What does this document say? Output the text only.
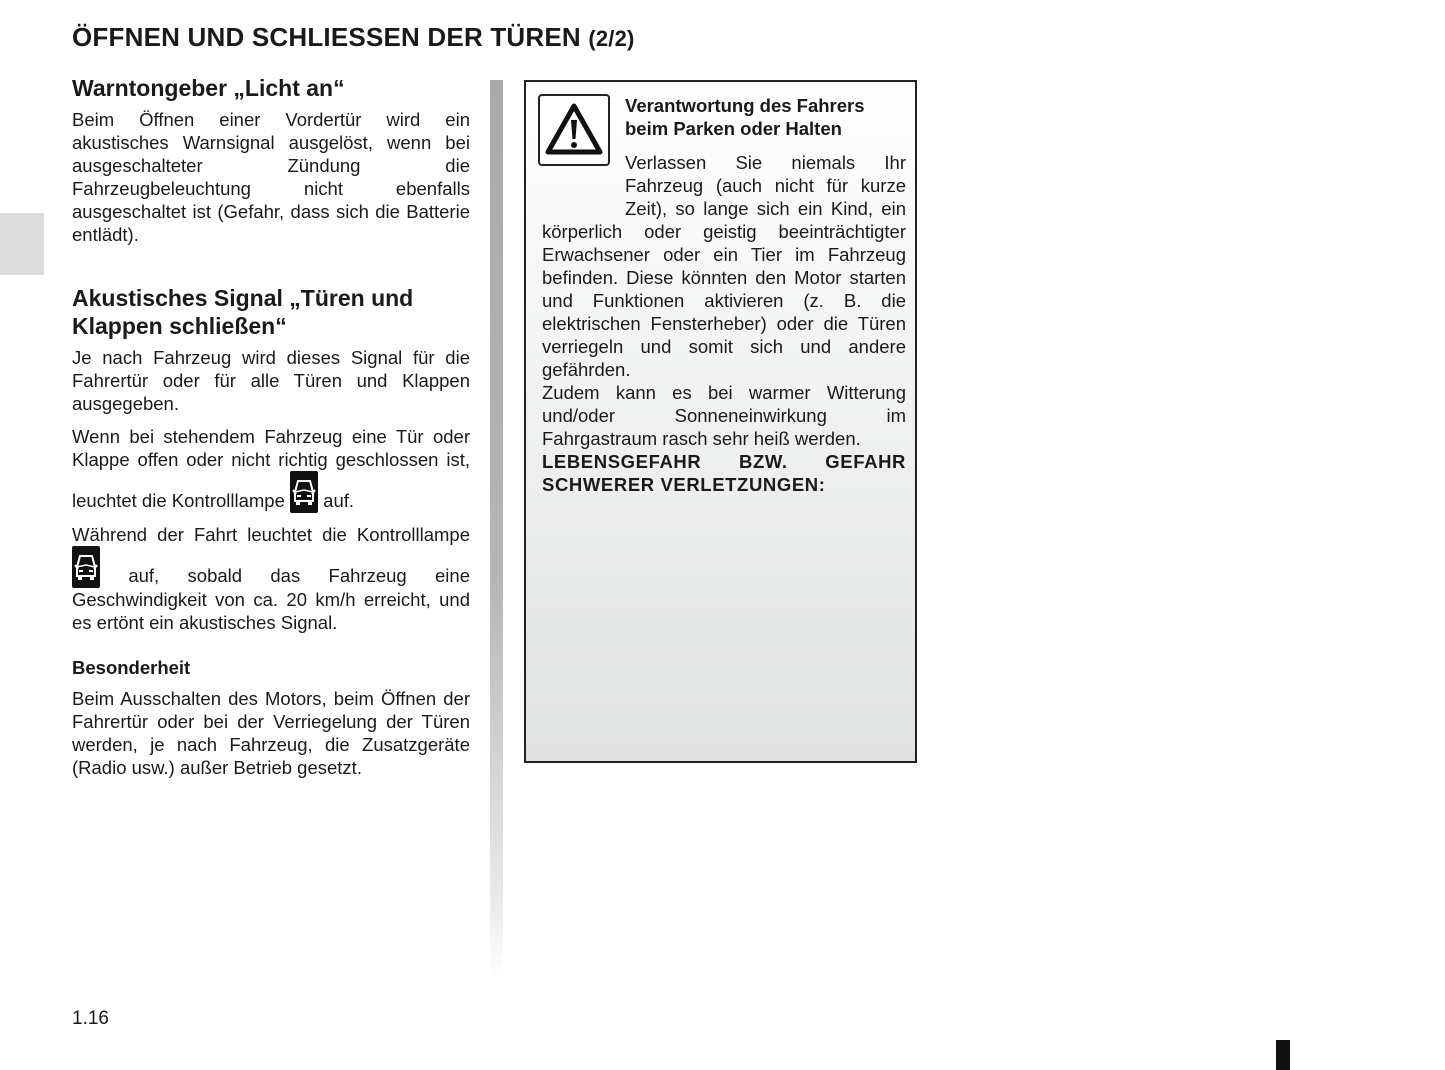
ÖFFNEN UND SCHLIESSEN DER TÜREN (2/2)
Warntongeber „Licht an“

Beim Öffnen einer Vordertür wird ein akustisches Warnsignal ausgelöst, wenn bei ausgeschalteter Zündung die Fahrzeugbeleuchtung nicht ebenfalls ausgeschaltet ist (Gefahr, dass sich die Batterie entlädt).

Akustisches Signal „Türen und Klappen schließen“

Je nach Fahrzeug wird dieses Signal für die Fahrertür oder für alle Türen und Klappen ausgegeben.

Wenn bei stehendem Fahrzeug eine Tür oder Klappe offen oder nicht richtig geschlossen ist, leuchtet die Kontrolllampe auf.

Während der Fahrt leuchtet die Kontrolllampe
auf, sobald das Fahrzeug eine Geschwindigkeit von ca. 20 km/h erreicht, und es ertönt ein akustisches Signal.

Besonderheit

Beim Ausschalten des Motors, beim Öffnen der Fahrertür oder bei der Verriegelung der Türen werden, je nach Fahrzeug, die Zusatzgeräte (Radio usw.) außer Betrieb gesetzt.

Verantwortung des Fahrers beim Parken oder Halten

Verlassen Sie niemals Ihr Fahrzeug (auch nicht für kurze Zeit), so lange sich ein Kind, ein körperlich oder geistig beeinträchtigter Erwachsener oder ein Tier im Fahrzeug befinden. Diese könnten den Motor starten und Funktionen aktivieren (z. B. die elektrischen Fensterheber) oder die Türen verriegeln und somit sich und andere gefährden.

Zudem kann es bei warmer Witterung und/oder Sonneneinwirkung im Fahrgastraum rasch sehr heiß werden.

LEBENSGEFAHR BZW. GEFAHR SCHWERER VERLETZUNGEN:

1.16
